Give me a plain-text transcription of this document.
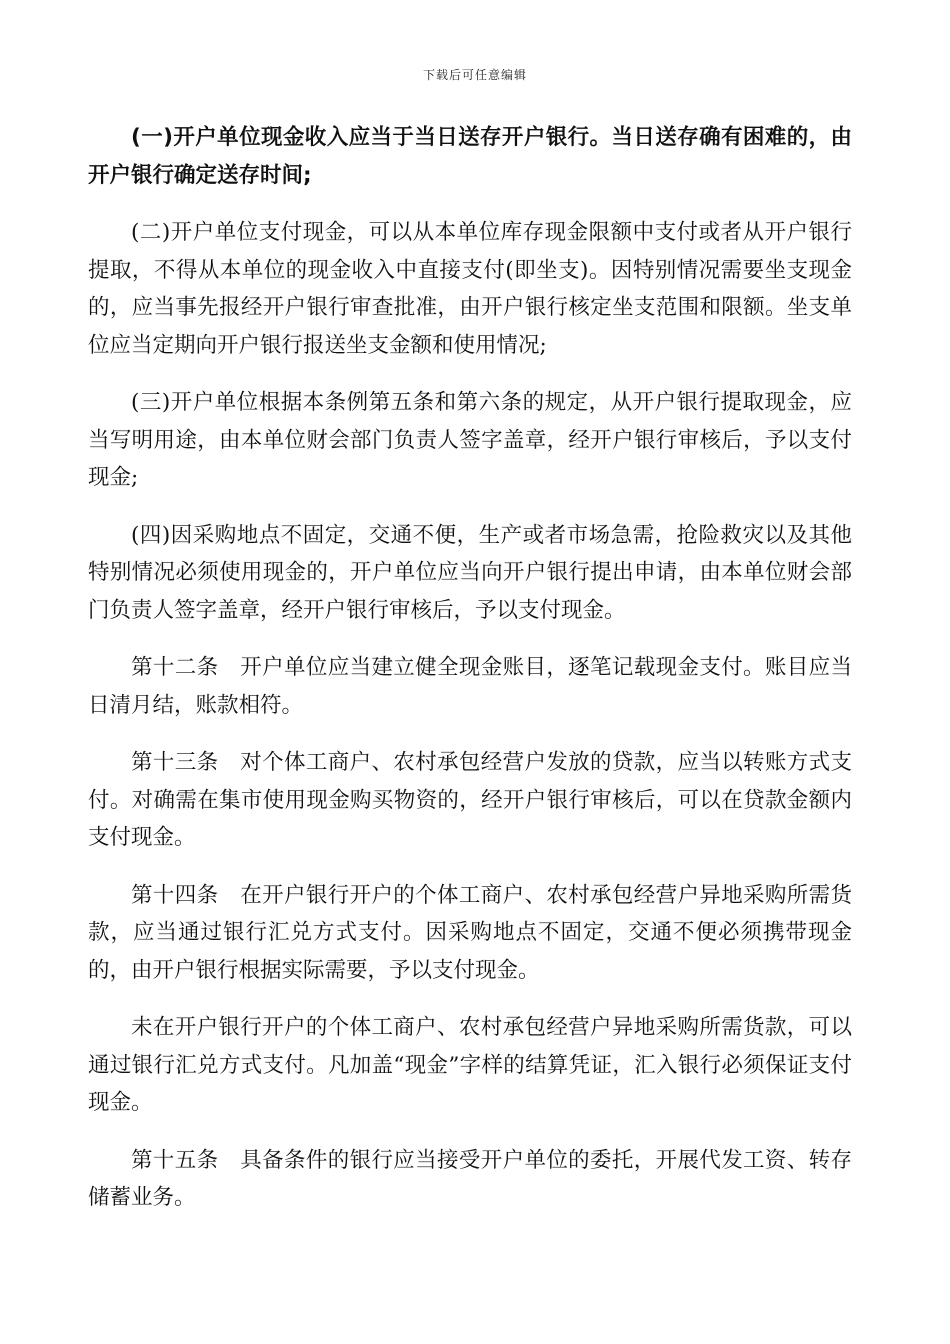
下载后可任意编辑

(一)开户单位现金收入应当于当日送存开户银行。当日送存确有困难的，由开户银行确定送存时间;

(二)开户单位支付现金，可以从本单位库存现金限额中支付或者从开户银行提取，不得从本单位的现金收入中直接支付(即坐支)。因特别情况需要坐支现金的，应当事先报经开户银行审查批准，由开户银行核定坐支范围和限额。坐支单位应当定期向开户银行报送坐支金额和使用情况;

(三)开户单位根据本条例第五条和第六条的规定，从开户银行提取现金，应当写明用途，由本单位财会部门负责人签字盖章，经开户银行审核后，予以支付现金;

(四)因采购地点不固定，交通不便，生产或者市场急需，抢险救灾以及其他特别情况必须使用现金的，开户单位应当向开户银行提出申请，由本单位财会部门负责人签字盖章，经开户银行审核后，予以支付现金。

第十二条　开户单位应当建立健全现金账目，逐笔记载现金支付。账目应当日清月结，账款相符。

第十三条　对个体工商户、农村承包经营户发放的贷款，应当以转账方式支付。对确需在集市使用现金购买物资的，经开户银行审核后，可以在贷款金额内支付现金。

第十四条　在开户银行开户的个体工商户、农村承包经营户异地采购所需货款，应当通过银行汇兑方式支付。因采购地点不固定，交通不便必须携带现金的，由开户银行根据实际需要，予以支付现金。

未在开户银行开户的个体工商户、农村承包经营户异地采购所需货款，可以通过银行汇兑方式支付。凡加盖“现金”字样的结算凭证，汇入银行必须保证支付现金。

第十五条　具备条件的银行应当接受开户单位的委托，开展代发工资、转存储蓄业务。
